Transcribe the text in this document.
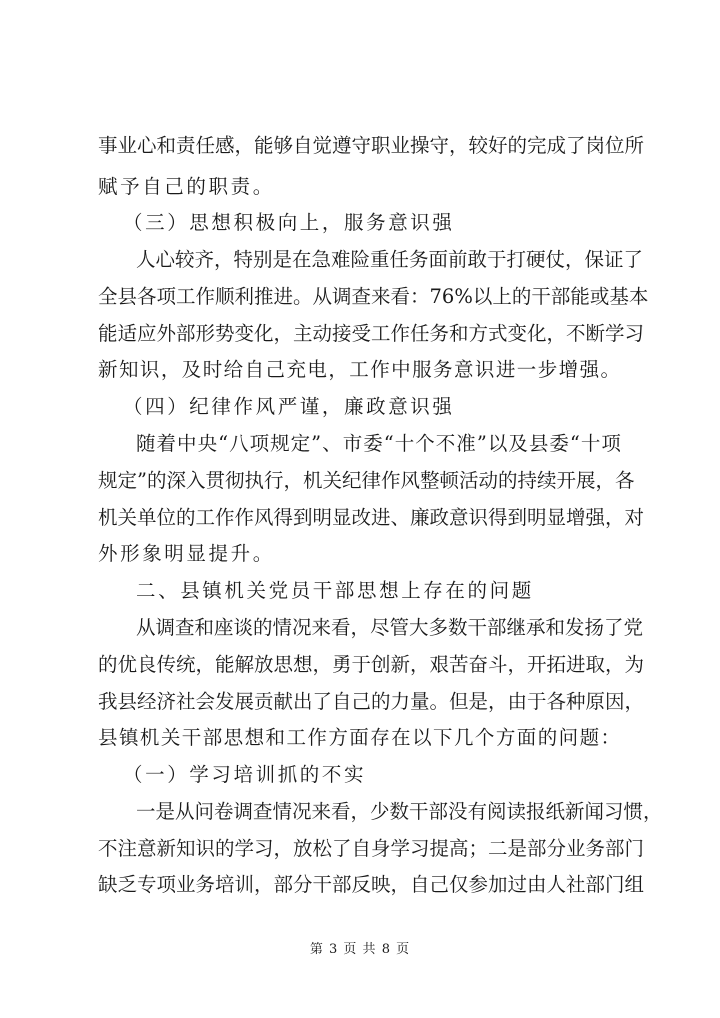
事业心和责任感，能够自觉遵守职业操守，较好的完成了岗位所
赋予自己的职责。
（三）思想积极向上，服务意识强
人心较齐，特别是在急难险重任务面前敢于打硬仗，保证了
全县各项工作顺利推进。从调查来看：76%以上的干部能或基本
能适应外部形势变化，主动接受工作任务和方式变化，不断学习
新知识，及时给自己充电，工作中服务意识进一步增强。
（四）纪律作风严谨，廉政意识强
随着中央“八项规定”、市委“十个不准”以及县委“十项
规定”的深入贯彻执行，机关纪律作风整顿活动的持续开展，各
机关单位的工作作风得到明显改进、廉政意识得到明显增强，对
外形象明显提升。
二、县镇机关党员干部思想上存在的问题
从调查和座谈的情况来看，尽管大多数干部继承和发扬了党
的优良传统，能解放思想，勇于创新，艰苦奋斗，开拓进取，为
我县经济社会发展贡献出了自己的力量。但是，由于各种原因，
县镇机关干部思想和工作方面存在以下几个方面的问题：
（一）学习培训抓的不实
一是从问卷调查情况来看，少数干部没有阅读报纸新闻习惯，
不注意新知识的学习，放松了自身学习提高；二是部分业务部门
缺乏专项业务培训，部分干部反映，自己仅参加过由人社部门组
第 3 页 共 8 页
